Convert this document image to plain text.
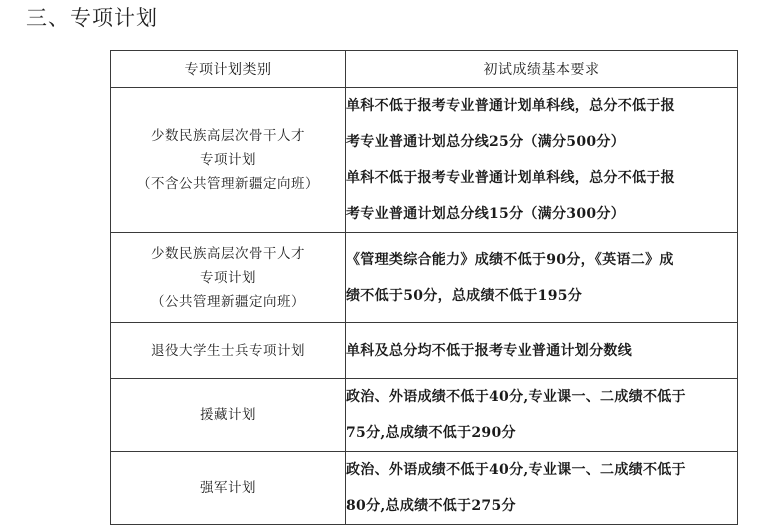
三、专项计划
专项计划类别	初试成绩基本要求

少数民族高层次骨干人才
专项计划
（不含公共管理新疆定向班）	单科不低于报考专业普通计划单科线，总分不低于报
考专业普通计划总分线25分（满分500分）
单科不低于报考专业普通计划单科线，总分不低于报
考专业普通计划总分线15分（满分300分）

少数民族高层次骨干人才
专项计划
（公共管理新疆定向班）	《管理类综合能力》成绩不低于90分，《英语二》成
绩不低于50分，总成绩不低于195分

退役大学生士兵专项计划	单科及总分均不低于报考专业普通计划分数线

援藏计划	政治、外语成绩不低于40分,专业课一、二成绩不低于
75分,总成绩不低于290分

强军计划	政治、外语成绩不低于40分,专业课一、二成绩不低于
80分,总成绩不低于275分
